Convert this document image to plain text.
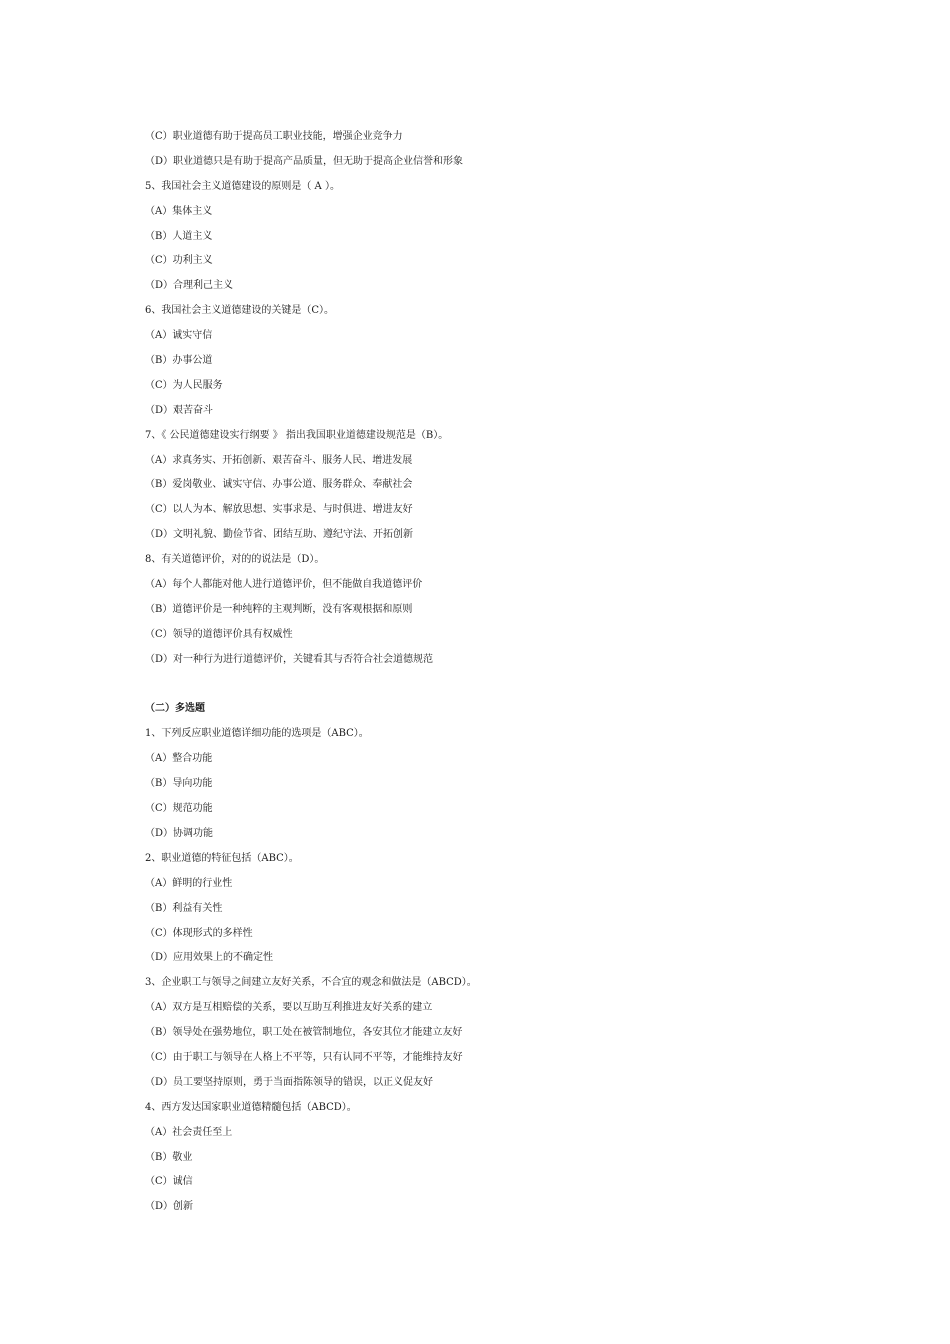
（C）职业道德有助于提高员工职业技能，增强企业竞争力
（D）职业道德只是有助于提高产品质量，但无助于提高企业信誉和形象
5、我国社会主义道德建设的原则是（ A ）。
（A）集体主义
（B）人道主义
（C）功利主义
（D）合理利己主义
6、我国社会主义道德建设的关键是（C）。
（A）诚实守信
（B）办事公道
（C）为人民服务
（D）艰苦奋斗
7、《 公民道德建设实行纲要 》 指出我国职业道德建设规范是（B）。
（A）求真务实、开拓创新、艰苦奋斗、服务人民、增进发展
（B）爱岗敬业、诚实守信、办事公道、服务群众、奉献社会
（C）以人为本、解放思想、实事求是、与时俱进、增进友好
（D）文明礼貌、勤俭节省、团结互助、遵纪守法、开拓创新
8、有关道德评价，对的的说法是（D）。
（A）每个人都能对他人进行道德评价，但不能做自我道德评价
（B）道德评价是一种纯粹的主观判断，没有客观根据和原则
（C）领导的道德评价具有权威性
（D）对一种行为进行道德评价，关键看其与否符合社会道德规范
（二）多选题
1、下列反应职业道德详细功能的选项是（ABC）。
（A）整合功能
（B）导向功能
（C）规范功能
（D）协调功能
2、职业道德的特征包括（ABC）。
（A）鲜明的行业性
（B）利益有关性
（C）体现形式的多样性
（D）应用效果上的不确定性
3、企业职工与领导之间建立友好关系，不合宜的观念和做法是（ABCD）。
（A）双方是互相赔偿的关系，要以互助互利推进友好关系的建立
（B）领导处在强势地位，职工处在被管制地位，各安其位才能建立友好
（C）由于职工与领导在人格上不平等，只有认同不平等，才能维持友好
（D）员工要坚持原则，勇于当面指陈领导的错误，以正义促友好
4、西方发达国家职业道德精髓包括（ABCD）。
（A）社会责任至上
（B）敬业
（C）诚信
（D）创新
